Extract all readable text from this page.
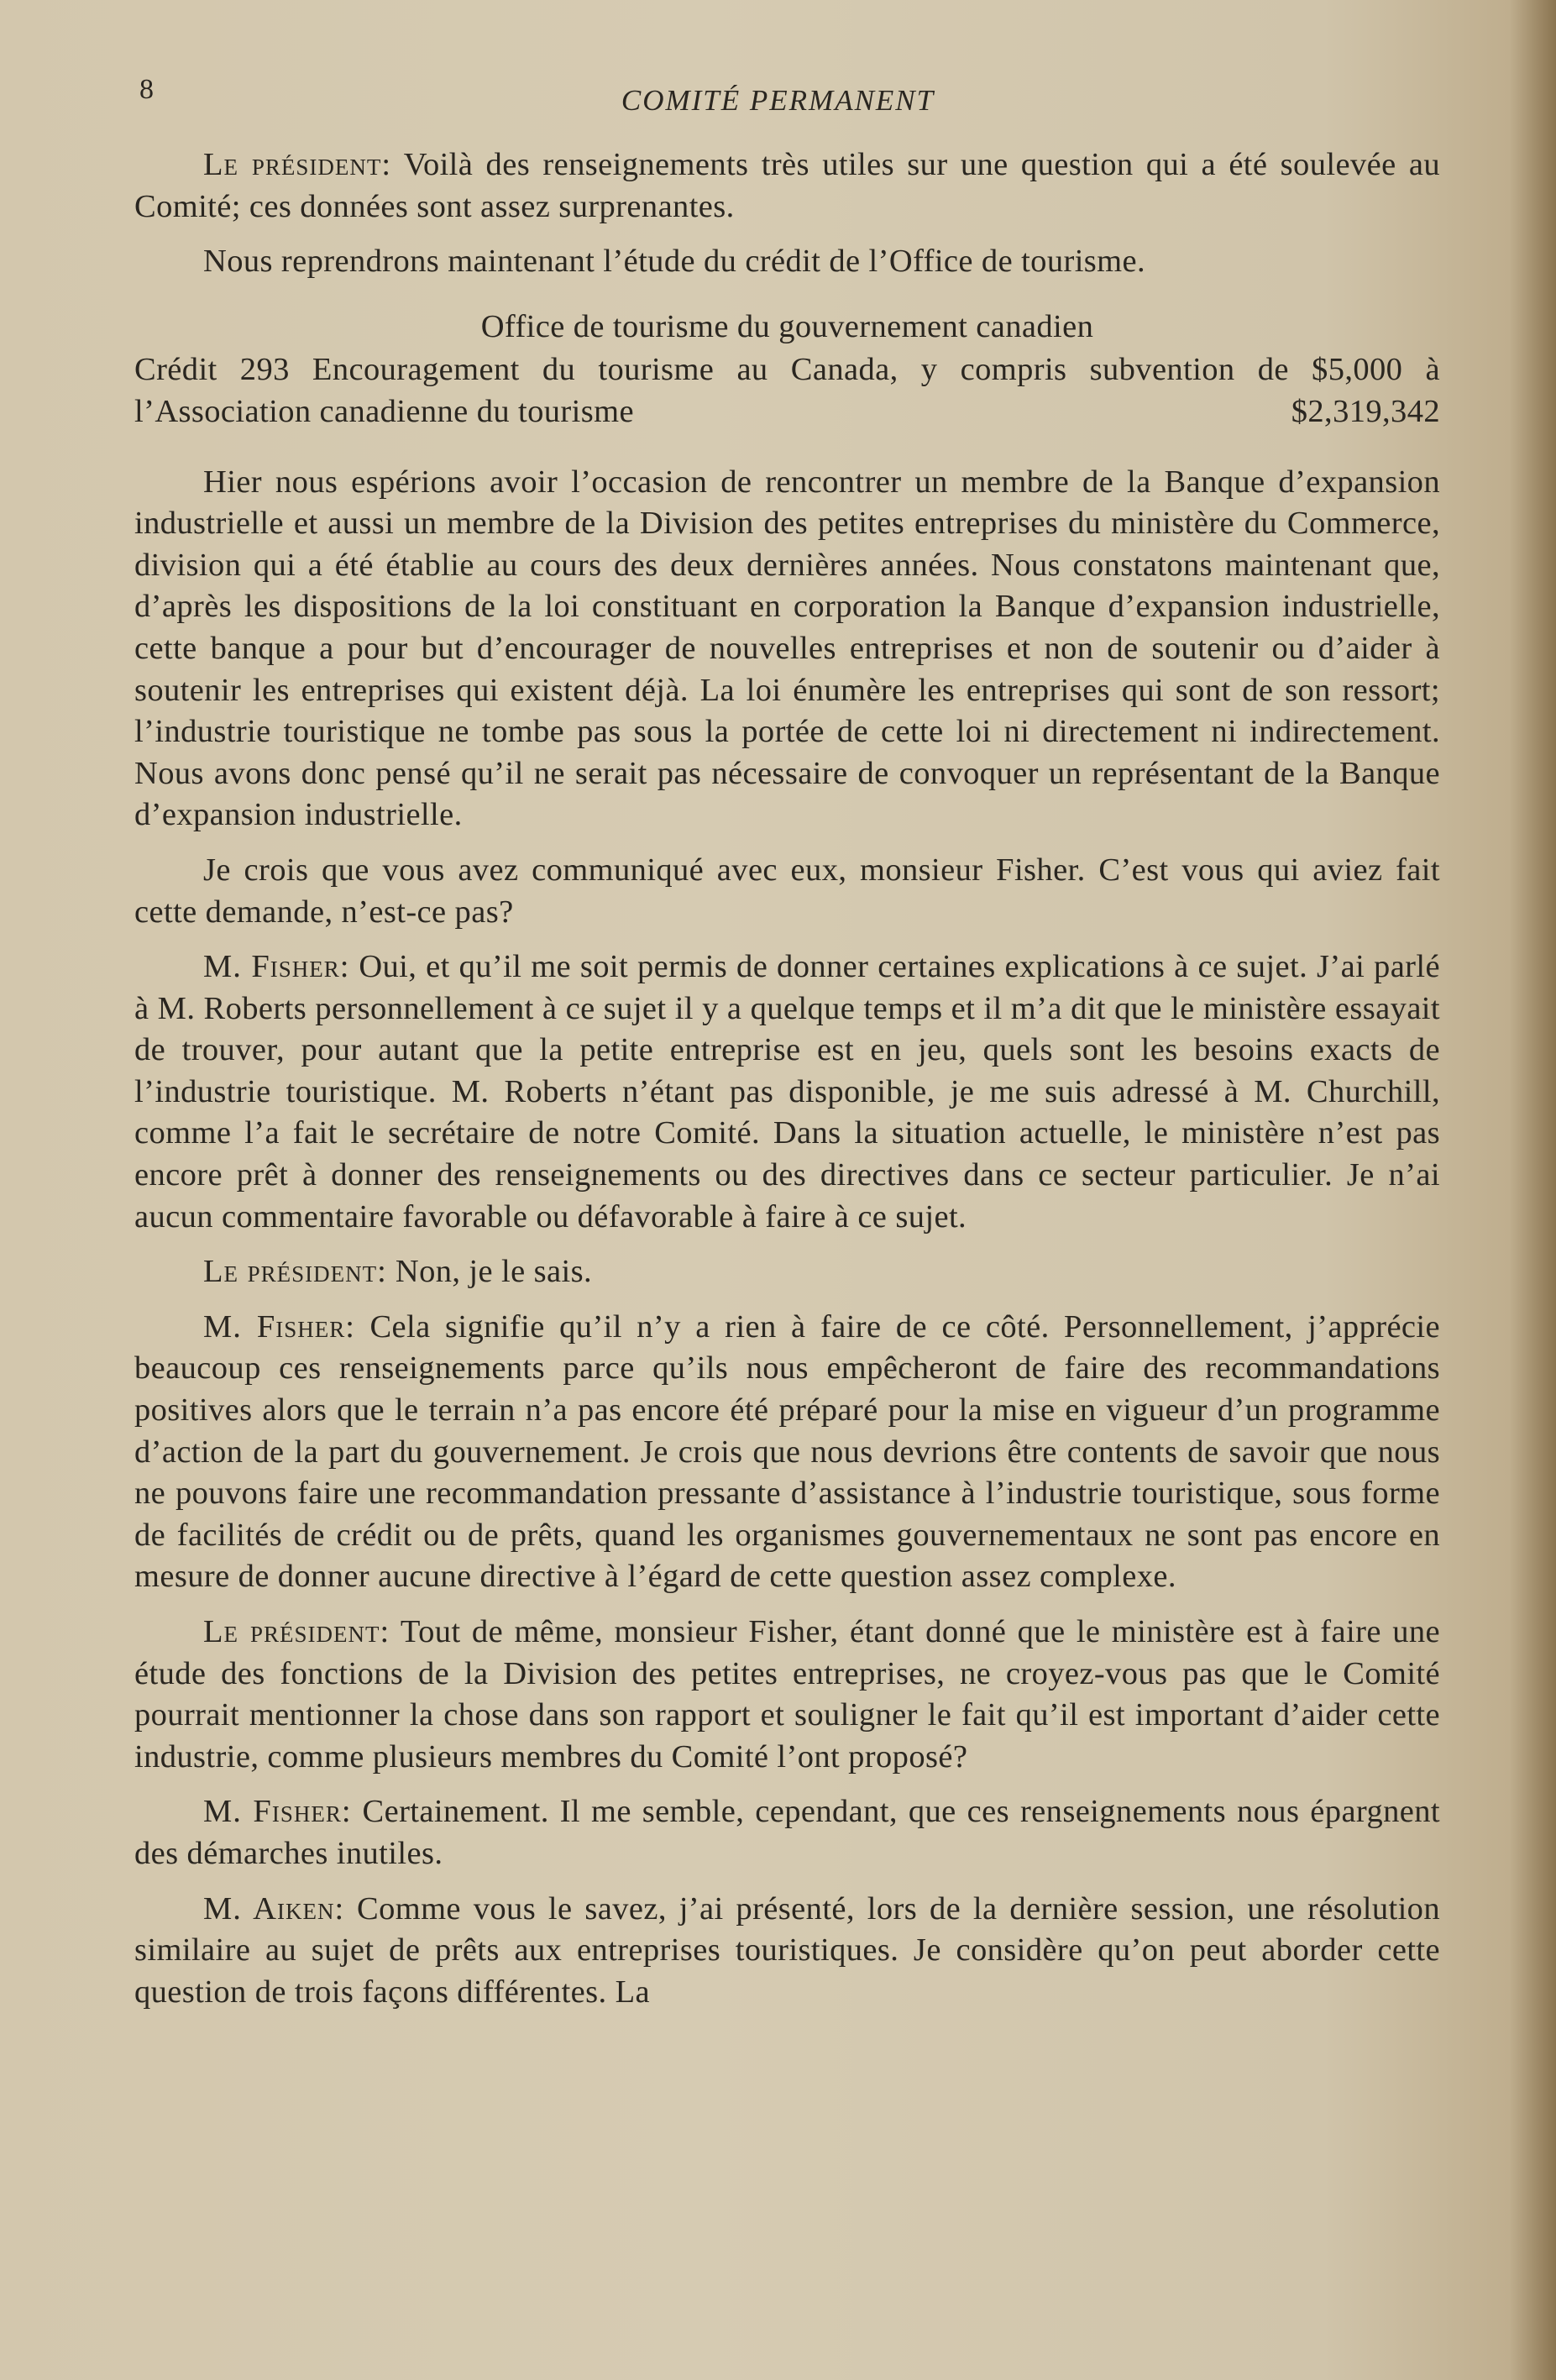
8	COMITÉ PERMANENT

Le président: Voilà des renseignements très utiles sur une question qui a été soulevée au Comité; ces données sont assez surprenantes.

Nous reprendrons maintenant l’étude du crédit de l’Office de tourisme.

Office de tourisme du gouvernement canadien

Crédit 293 Encouragement du tourisme au Canada, y compris subvention de $5,000 à l’Association canadienne du tourisme	$2,319,342

Hier nous espérions avoir l’occasion de rencontrer un membre de la Banque d’expansion industrielle et aussi un membre de la Division des petites entreprises du ministère du Commerce, division qui a été établie au cours des deux dernières années. Nous constatons maintenant que, d’après les dispositions de la loi constituant en corporation la Banque d’expansion industrielle, cette banque a pour but d’encourager de nouvelles entreprises et non de soutenir ou d’aider à soutenir les entreprises qui existent déjà. La loi énumère les entreprises qui sont de son ressort; l’industrie touristique ne tombe pas sous la portée de cette loi ni directement ni indirectement. Nous avons donc pensé qu’il ne serait pas nécessaire de convoquer un représentant de la Banque d’expansion industrielle.

Je crois que vous avez communiqué avec eux, monsieur Fisher. C’est vous qui aviez fait cette demande, n’est-ce pas?

M. Fisher: Oui, et qu’il me soit permis de donner certaines explications à ce sujet. J’ai parlé à M. Roberts personnellement à ce sujet il y a quelque temps et il m’a dit que le ministère essayait de trouver, pour autant que la petite entreprise est en jeu, quels sont les besoins exacts de l’industrie touristique. M. Roberts n’étant pas disponible, je me suis adressé à M. Churchill, comme l’a fait le secrétaire de notre Comité. Dans la situation actuelle, le ministère n’est pas encore prêt à donner des renseignements ou des directives dans ce secteur particulier. Je n’ai aucun commentaire favorable ou défavorable à faire à ce sujet.

Le président: Non, je le sais.

M. Fisher: Cela signifie qu’il n’y a rien à faire de ce côté. Personnellement, j’apprécie beaucoup ces renseignements parce qu’ils nous empêcheront de faire des recommandations positives alors que le terrain n’a pas encore été préparé pour la mise en vigueur d’un programme d’action de la part du gouvernement. Je crois que nous devrions être contents de savoir que nous ne pouvons faire une recommandation pressante d’assistance à l’industrie touristique, sous forme de facilités de crédit ou de prêts, quand les organismes gouvernementaux ne sont pas encore en mesure de donner aucune directive à l’égard de cette question assez complexe.

Le président: Tout de même, monsieur Fisher, étant donné que le ministère est à faire une étude des fonctions de la Division des petites entreprises, ne croyez-vous pas que le Comité pourrait mentionner la chose dans son rapport et souligner le fait qu’il est important d’aider cette industrie, comme plusieurs membres du Comité l’ont proposé?

M. Fisher: Certainement. Il me semble, cependant, que ces renseignements nous épargnent des démarches inutiles.

M. Aiken: Comme vous le savez, j’ai présenté, lors de la dernière session, une résolution similaire au sujet de prêts aux entreprises touristiques. Je considère qu’on peut aborder cette question de trois façons différentes. La
